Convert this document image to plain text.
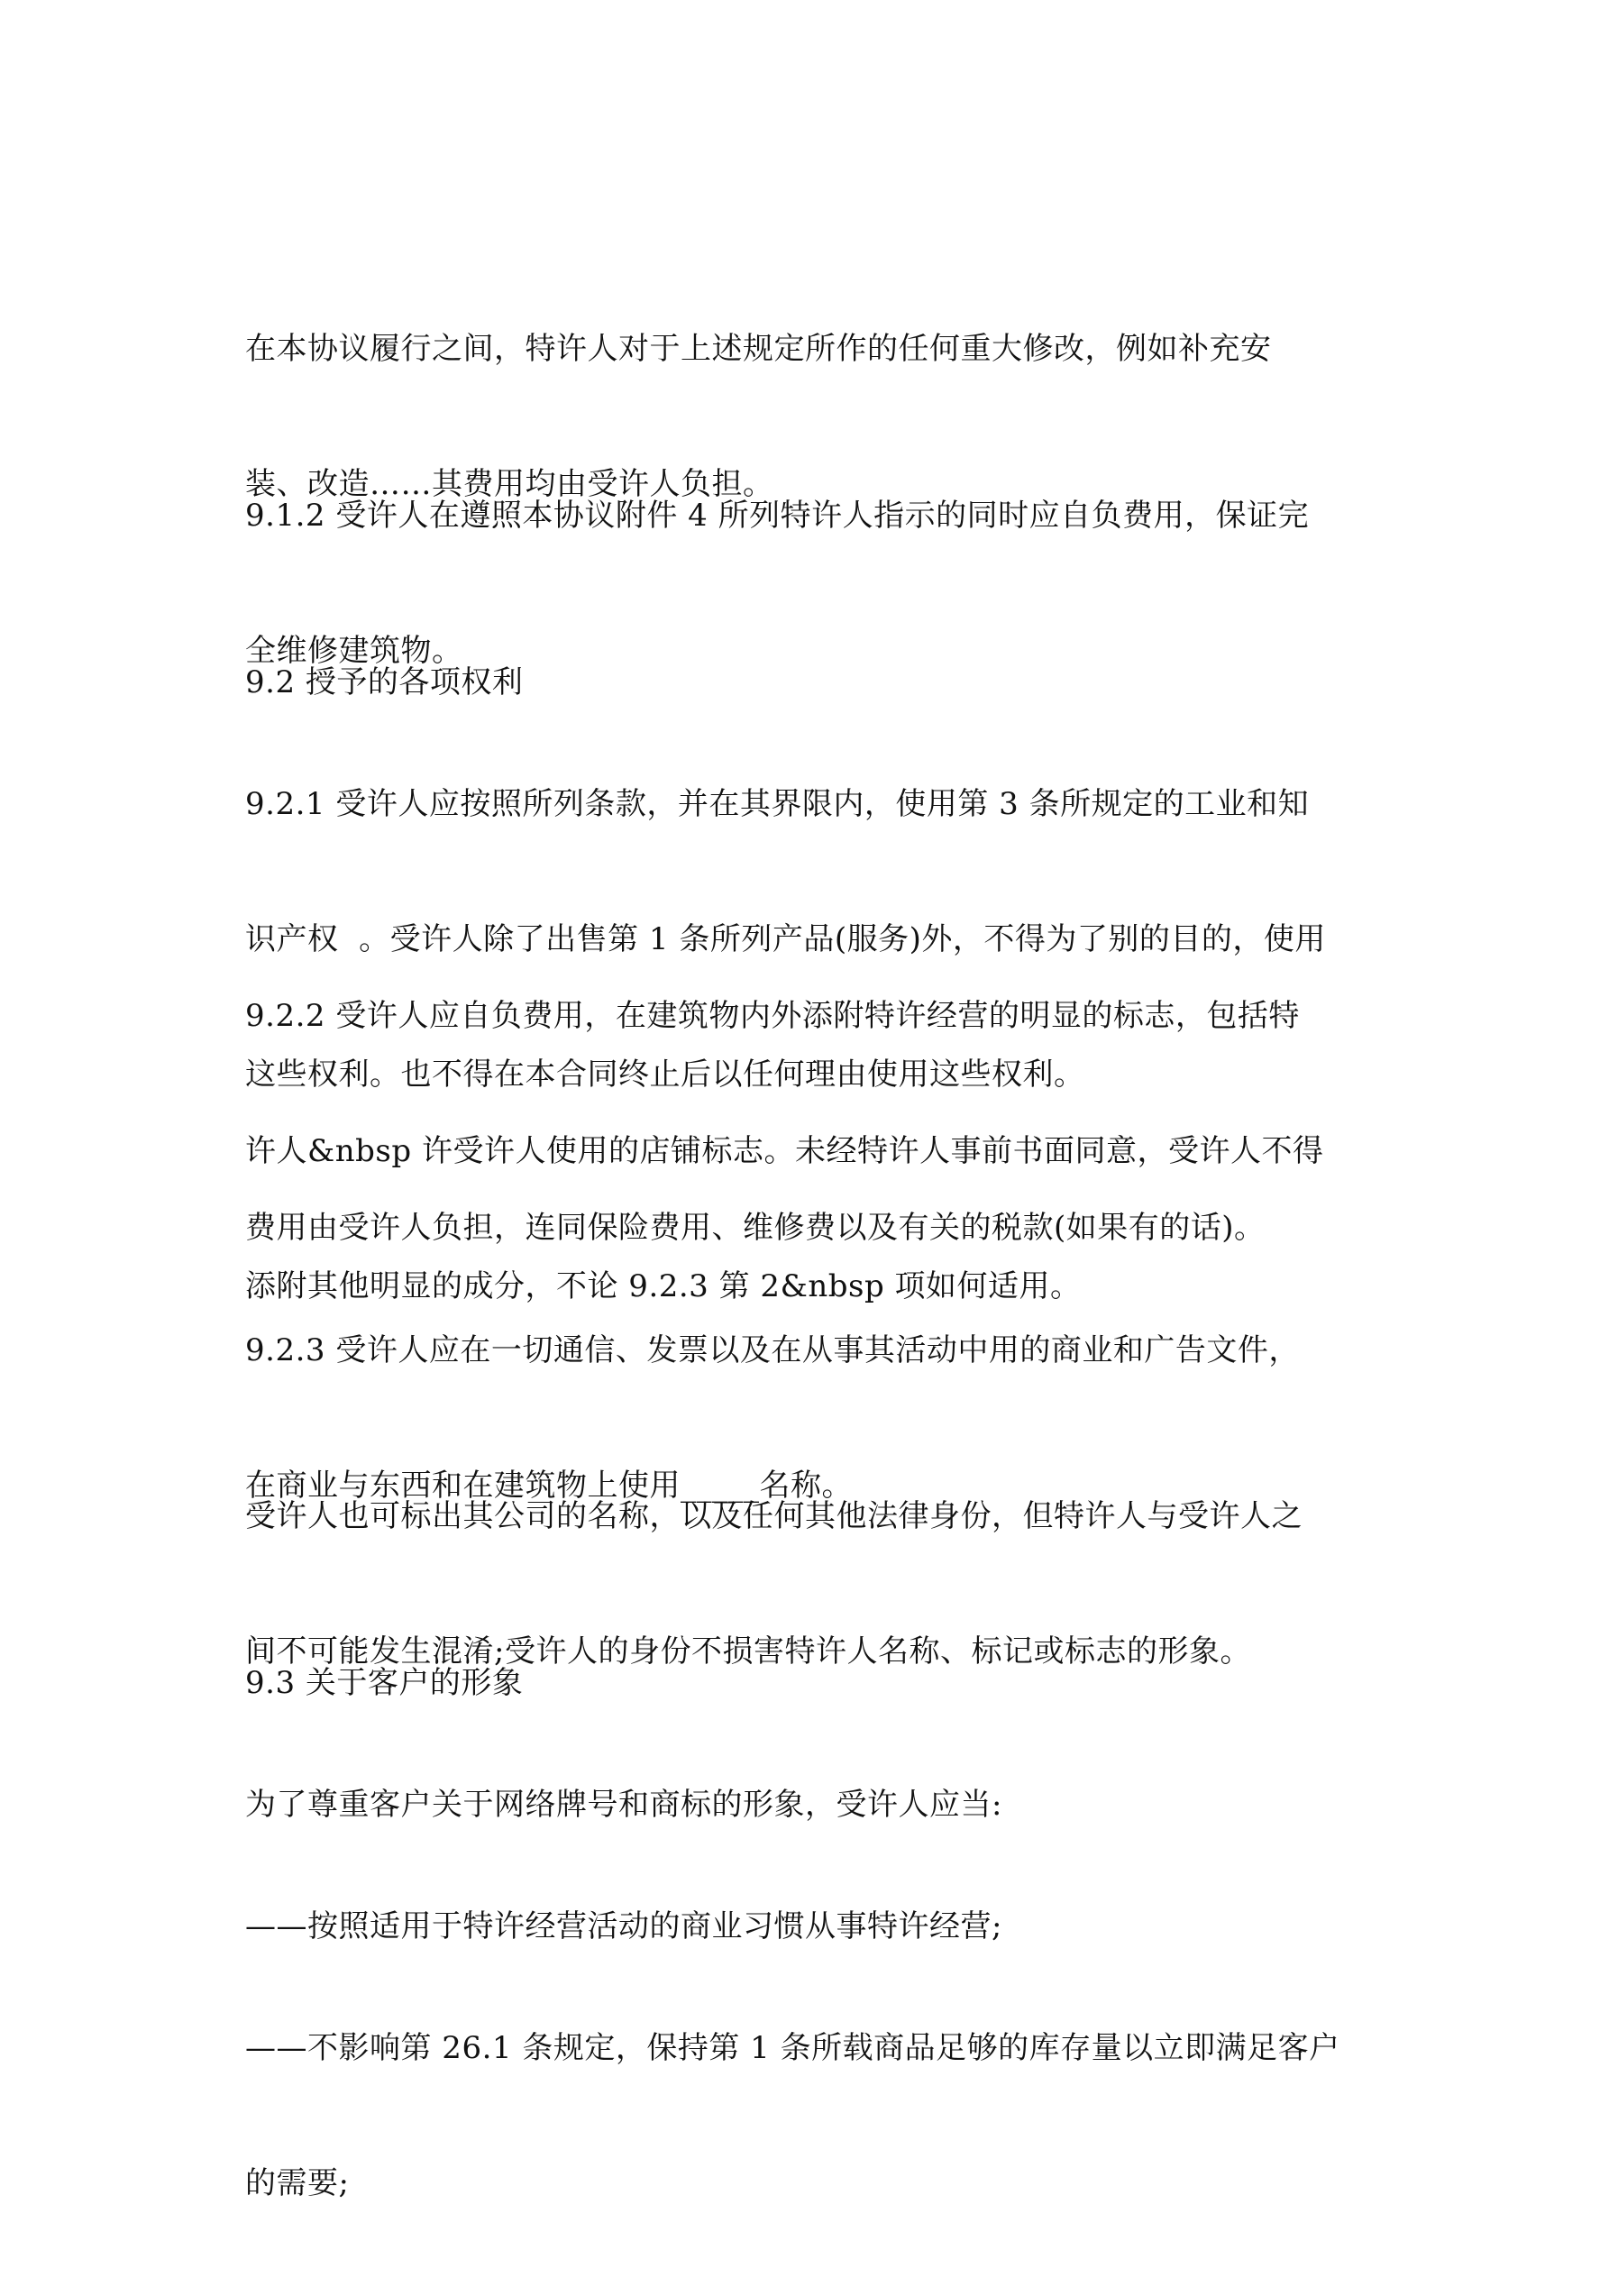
在本协议履行之间，特许人对于上述规定所作的任何重大修改，例如补充安

装、改造……其费用均由受许人负担。

9.1.2 受许人在遵照本协议附件 4 所列特许人指示的同时应自负费用，保证完

全维修建筑物。

9.2 授予的各项权利

9.2.1 受许人应按照所列条款，并在其界限内，使用第 3 条所规定的工业和知

识产权  。受许人除了出售第 1 条所列产品(服务)外，不得为了别的目的，使用

这些权利。也不得在本合同终止后以任何理由使用这些权利。

9.2.2 受许人应自负费用，在建筑物内外添附特许经营的明显的标志，包括特

许人&nbsp 许受许人使用的店铺标志。未经特许人事前书面同意，受许人不得

添附其他明显的成分，不论 9.2.3 第 2&nbsp 项如何适用。

费用由受许人负担，连同保险费用、维修费以及有关的税款(如果有的话)。

9.2.3 受许人应在一切通信、发票以及在从事其活动中用的商业和广告文件，

在商业与东西和在建筑物上使用_____名称。

受许人也可标出其公司的名称，以及任何其他法律身份，但特许人与受许人之

间不可能发生混淆;受许人的身份不损害特许人名称、标记或标志的形象。

9.3 关于客户的形象

为了尊重客户关于网络牌号和商标的形象，受许人应当:

——按照适用于特许经营活动的商业习惯从事特许经营;

——不影响第 26.1 条规定，保持第 1 条所载商品足够的库存量以立即满足客户

的需要;
